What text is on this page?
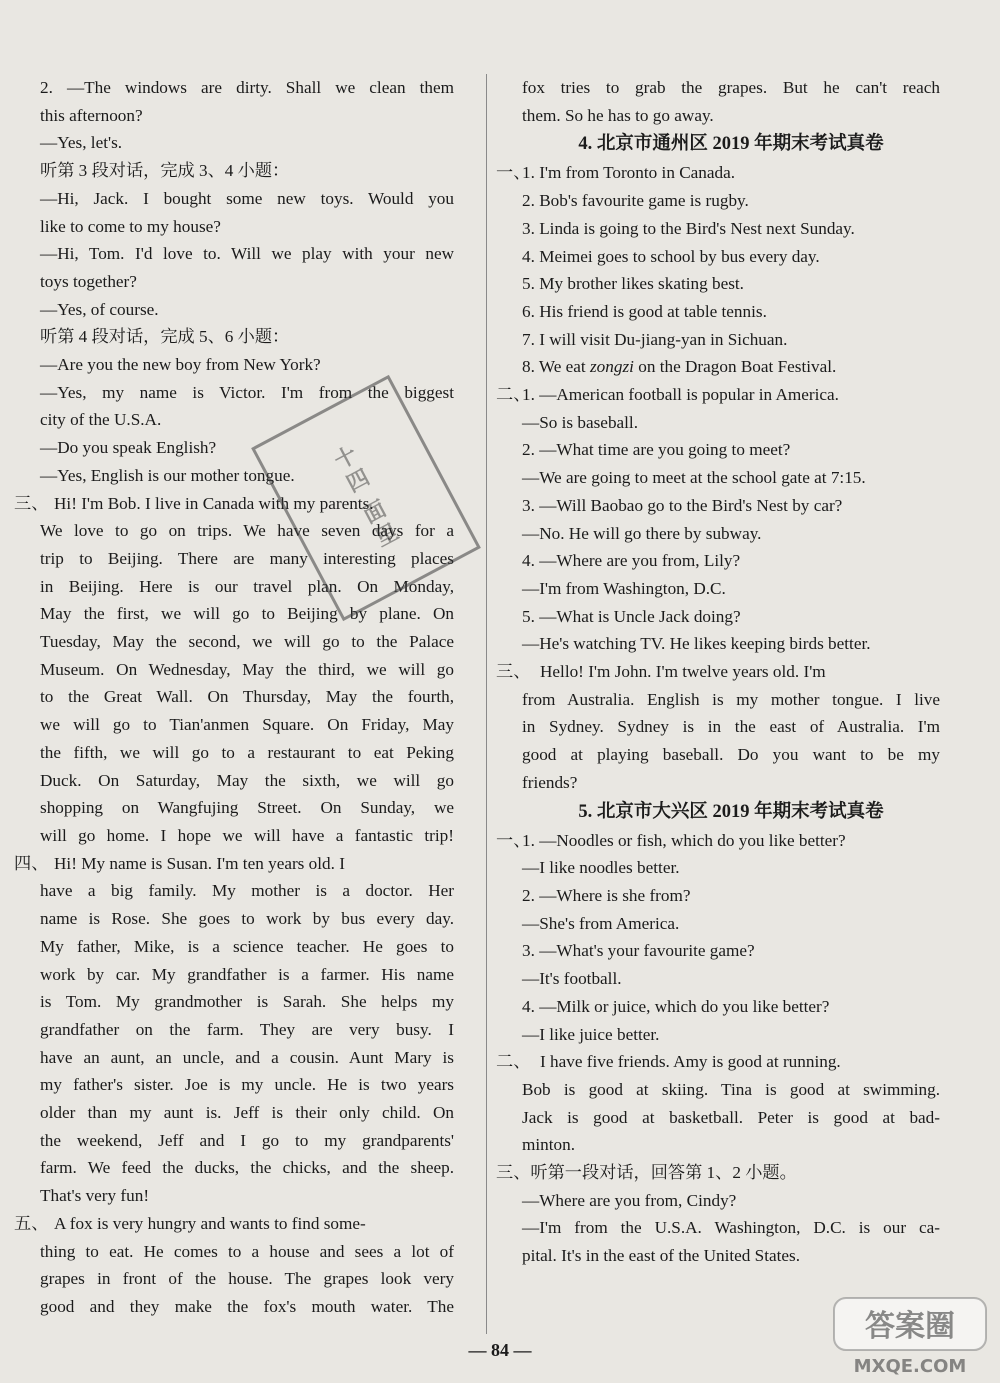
2. —The windows are dirty. Shall we clean them
this afternoon?
—Yes, let's.
听第 3 段对话，完成 3、4 小题：
—Hi, Jack. I bought some new toys. Would you
like to come to my house?
—Hi, Tom. I'd love to. Will we play with your new
toys together?
—Yes, of course.
听第 4 段对话，完成 5、6 小题：
—Are you the new boy from New York?
—Yes, my name is Victor. I'm from the biggest
city of the U.S.A.
—Do you speak English?
—Yes, English is our mother tongue.
三、 Hi! I'm Bob. I live in Canada with my parents.
We love to go on trips. We have seven days for a
trip to Beijing. There are many interesting places
in Beijing. Here is our travel plan. On Monday,
May the first, we will go to Beijing by plane. On
Tuesday, May the second, we will go to the Palace
Museum. On Wednesday, May the third, we will go
to the Great Wall. On Thursday, May the fourth,
we will go to Tian'anmen Square. On Friday, May
the fifth, we will go to a restaurant to eat Peking
Duck. On Saturday, May the sixth, we will go
shopping on Wangfujing Street. On Sunday, we
will go home. I hope we will have a fantastic trip!
四、 Hi! My name is Susan. I'm ten years old. I
have a big family. My mother is a doctor. Her
name is Rose. She goes to work by bus every day.
My father, Mike, is a science teacher. He goes to
work by car. My grandfather is a farmer. His name
is Tom. My grandmother is Sarah. She helps my
grandfather on the farm. They are very busy. I
have an aunt, an uncle, and a cousin. Aunt Mary is
my father's sister. Joe is my uncle. He is two years
older than my aunt is. Jeff is their only child. On
the weekend, Jeff and I go to my grandparents'
farm. We feed the ducks, the chicks, and the sheep.
That's very fun!
五、 A fox is very hungry and wants to find some-
thing to eat. He comes to a house and sees a lot of
grapes in front of the house. The grapes look very
good and they make the fox's mouth water. The
fox tries to grab the grapes. But he can't reach
them. So he has to go away.
4. 北京市通州区 2019 年期末考试真卷
一、1. I'm from Toronto in Canada.
2. Bob's favourite game is rugby.
3. Linda is going to the Bird's Nest next Sunday.
4. Meimei goes to school by bus every day.
5. My brother likes skating best.
6. His friend is good at table tennis.
7. I will visit Du-jiang-yan in Sichuan.
8. We eat zongzi on the Dragon Boat Festival.
二、1. —American football is popular in America.
—So is baseball.
2. —What time are you going to meet?
—We are going to meet at the school gate at 7:15.
3. —Will Baobao go to the Bird's Nest by car?
—No. He will go there by subway.
4. —Where are you from, Lily?
—I'm from Washington, D.C.
5. —What is Uncle Jack doing?
—He's watching TV. He likes keeping birds better.
三、 Hello! I'm John. I'm twelve years old. I'm
from Australia. English is my mother tongue. I live
in Sydney. Sydney is in the east of Australia. I'm
good at playing baseball. Do you want to be my
friends?
5. 北京市大兴区 2019 年期末考试真卷
一、1. —Noodles or fish, which do you like better?
—I like noodles better.
2. —Where is she from?
—She's from America.
3. —What's your favourite game?
—It's football.
4. —Milk or juice, which do you like better?
—I like juice better.
二、 I have five friends. Amy is good at running.
Bob is good at skiing. Tina is good at swimming.
Jack is good at basketball. Peter is good at bad-
minton.
三、听第一段对话，回答第 1、2 小题。
—Where are you from, Cindy?
—I'm from the U.S.A. Washington, D.C. is our ca-
pital. It's in the east of the United States.
十四 面里
— 84 —
答案圈
MXQE.COM
